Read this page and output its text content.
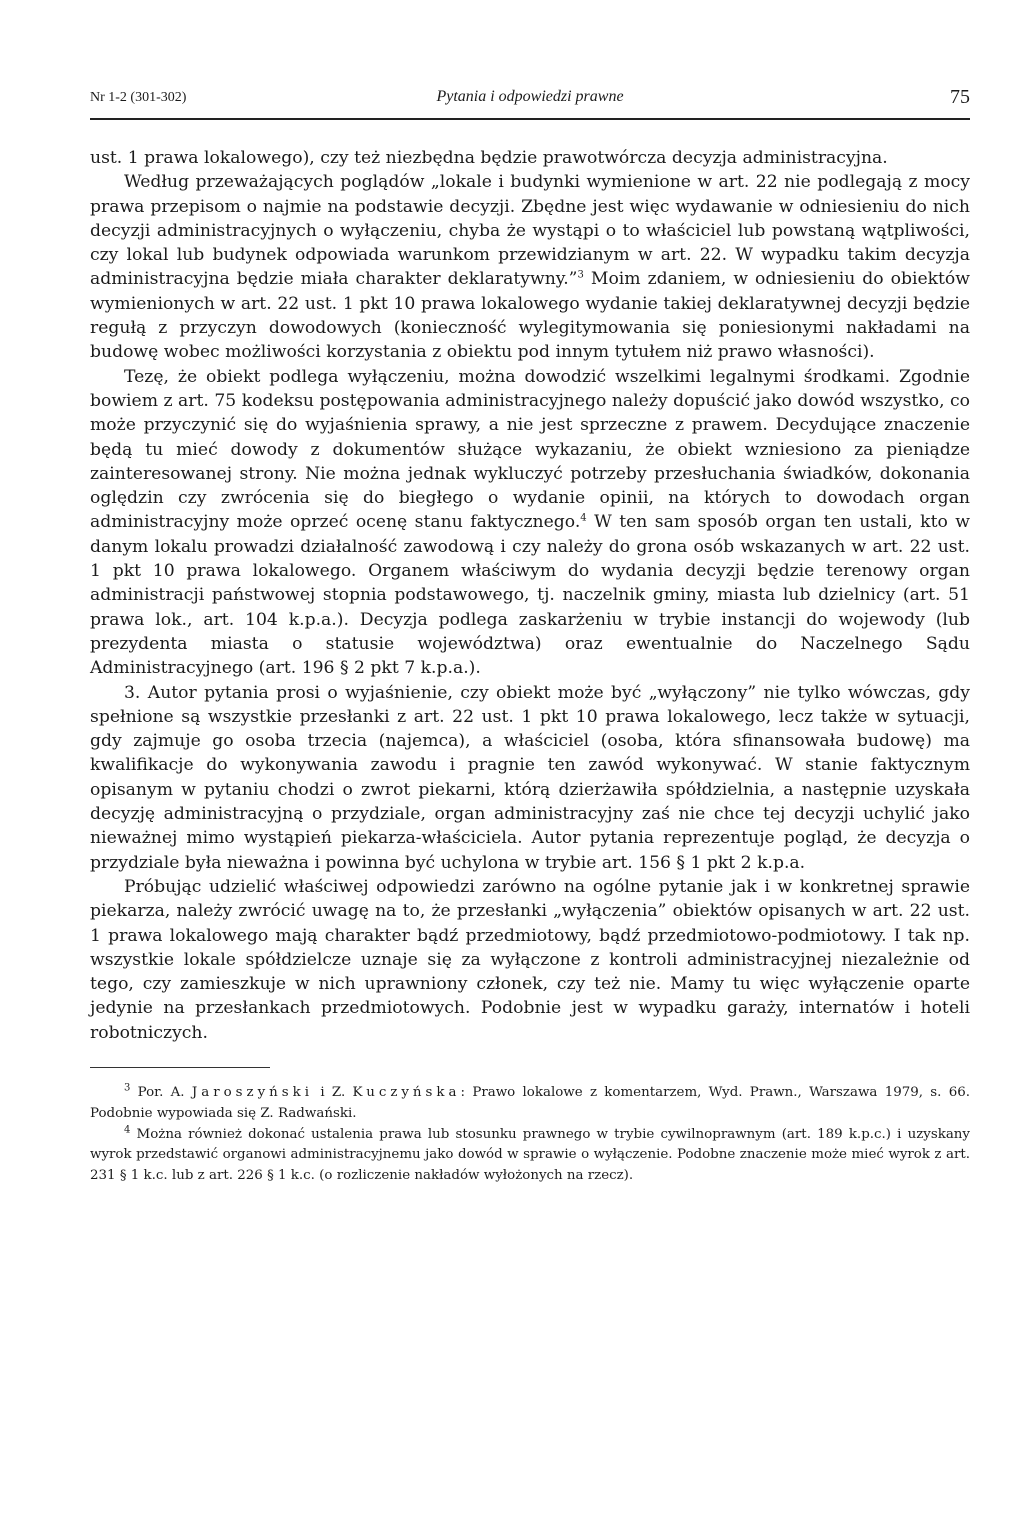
Nr 1-2 (301-302)	Pytania i odpowiedzi prawne	75

ust. 1 prawa lokalowego), czy też niezbędna będzie prawotwórcza decyzja administracyjna.

Według przeważających poglądów „lokale i budynki wymienione w art. 22 nie podlegają z mocy prawa przepisom o najmie na podstawie decyzji. Zbędne jest więc wydawanie w odniesieniu do nich decyzji administracyjnych o wyłączeniu, chyba że wystąpi o to właściciel lub powstaną wątpliwości, czy lokal lub budynek odpowiada warunkom przewidzianym w art. 22. W wypadku takim decyzja administracyjna będzie miała charakter deklaratywny.”$^3$ Moim zdaniem, w odniesieniu do obiektów wymienionych w art. 22 ust. 1 pkt 10 prawa lokalowego wydanie takiej deklaratywnej decyzji będzie regułą z przyczyn dowodowych (konieczność wylegitymowania się poniesionymi nakładami na budowę wobec możliwości korzystania z obiektu pod innym tytułem niż prawo własności).

Tezę, że obiekt podlega wyłączeniu, można dowodzić wszelkimi legalnymi środkami. Zgodnie bowiem z art. 75 kodeksu postępowania administracyjnego należy dopuścić jako dowód wszystko, co może przyczynić się do wyjaśnienia sprawy, a nie jest sprzeczne z prawem. Decydujące znaczenie będą tu mieć dowody z dokumentów służące wykazaniu, że obiekt wzniesiono za pieniądze zainteresowanej strony. Nie można jednak wykluczyć potrzeby przesłuchania świadków, dokonania oględzin czy zwrócenia się do biegłego o wydanie opinii, na których to dowodach organ administracyjny może oprzeć ocenę stanu faktycznego.$^4$ W ten sam sposób organ ten ustali, kto w danym lokalu prowadzi działalność zawodową i czy należy do grona osób wskazanych w art. 22 ust. 1 pkt 10 prawa lokalowego. Organem właściwym do wydania decyzji będzie terenowy organ administracji państwowej stopnia podstawowego, tj. naczelnik gminy, miasta lub dzielnicy (art. 51 prawa lok., art. 104 k.p.a.). Decyzja podlega zaskarżeniu w trybie instancji do wojewody (lub prezydenta miasta o statusie województwa) oraz ewentualnie do Naczelnego Sądu Administracyjnego (art. 196 § 2 pkt 7 k.p.a.).

3. Autor pytania prosi o wyjaśnienie, czy obiekt może być „wyłączony” nie tylko wówczas, gdy spełnione są wszystkie przesłanki z art. 22 ust. 1 pkt 10 prawa lokalowego, lecz także w sytuacji, gdy zajmuje go osoba trzecia (najemca), a właściciel (osoba, która sfinansowała budowę) ma kwalifikacje do wykonywania zawodu i pragnie ten zawód wykonywać. W stanie faktycznym opisanym w pytaniu chodzi o zwrot piekarni, którą dzierżawiła spółdzielnia, a następnie uzyskała decyzję administracyjną o przydziale, organ administracyjny zaś nie chce tej decyzji uchylić jako nieważnej mimo wystąpień piekarza-właściciela. Autor pytania reprezentuje pogląd, że decyzja o przydziale była nieważna i powinna być uchylona w trybie art. 156 § 1 pkt 2 k.p.a.

Próbując udzielić właściwej odpowiedzi zarówno na ogólne pytanie jak i w konkretnej sprawie piekarza, należy zwrócić uwagę na to, że przesłanki „wyłączenia” obiektów opisanych w art. 22 ust. 1 prawa lokalowego mają charakter bądź przedmiotowy, bądź przedmiotowo-podmiotowy. I tak np. wszystkie lokale spółdzielcze uznaje się za wyłączone z kontroli administracyjnej niezależnie od tego, czy zamieszkuje w nich uprawniony członek, czy też nie. Mamy tu więc wyłączenie oparte jedynie na przesłankach przedmiotowych. Podobnie jest w wypadku garaży, internatów i hoteli robotniczych.

$^3$ Por. A. Jaroszyński i Z. Kuczyńska: Prawo lokalowe z komentarzem, Wyd. Prawn., Warszawa 1979, s. 66. Podobnie wypowiada się Z. Radwański.

$^4$ Można również dokonać ustalenia prawa lub stosunku prawnego w trybie cywilnoprawnym (art. 189 k.p.c.) i uzyskany wyrok przedstawić organowi administracyjnemu jako dowód w sprawie o wyłączenie. Podobne znaczenie może mieć wyrok z art. 231 § 1 k.c. lub z art. 226 § 1 k.c. (o rozliczenie nakładów wyłożonych na rzecz).
